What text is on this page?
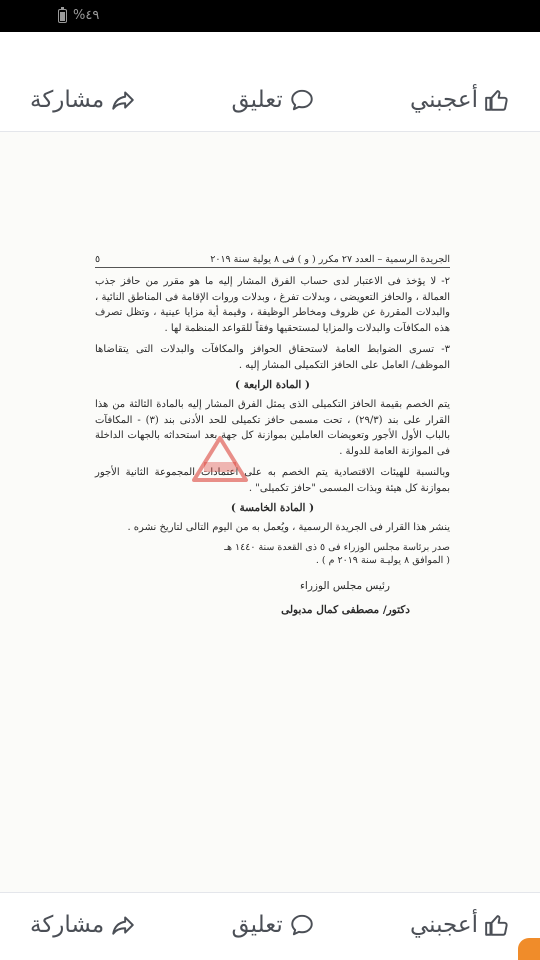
%٤٩
أعجبني
تعليق
مشاركة
الجريدة الرسمية – العدد ٢٧ مكرر ( و ) فى ٨ يولية سنة ٢٠١٩
٥

٢- لا يؤخذ فى الاعتبار لدى حساب الفرق المشار إليه ما هو مقرر من حافز جذب العمالة ، والحافز التعويضى ، وبدلات تفرغ ، وبدلات وروات الإقامة فى المناطق النائية ، والبدلات المقررة عن ظروف ومخاطر الوظيفة ، وقيمة أية مزايا عينية ، وتظل تصرف هذه المكافآت والبدلات والمزايا لمستحقيها وفقاً للقواعد المنظمة لها .

٣- تسرى الضوابط العامة لاستحقاق الحوافز والمكافآت والبدلات التى يتقاضاها الموظف/ العامل على الحافز التكميلى المشار إليه .

( المادة الرابعة )

يتم الخصم بقيمة الحافز التكميلى الذى يمثل الفرق المشار إليه بالمادة الثالثة من هذا القرار على بند (٢٩/٣) ، تحت مسمى حافز تكميلى للحد الأدنى بند (٣) - المكافآت بالباب الأول الأجور وتعويضات العاملين بموازنة كل جهة بعد استحداثه بالجهات الداخلة فى الموازنة العامة للدولة .

وبالنسبة للهيئات الاقتصادية يتم الخصم به على اعتمادات المجموعة الثانية الأجور بموازنة كل هيئة وبذات المسمى "حافز تكميلى" .

( المادة الخامسة )

ينشر هذا القرار فى الجريدة الرسمية ، ويُعمل به من اليوم التالى لتاريخ نشره .

صدر برئاسة مجلس الوزراء فى ٥ ذى القعدة سنة ١٤٤٠ هـ
( الموافق ٨ يوليـة سنة ٢٠١٩ م ) .
رئيس مجلس الوزراء
دكتور/ مصطفى كمال مدبولى
أعجبني
تعليق
مشاركة
